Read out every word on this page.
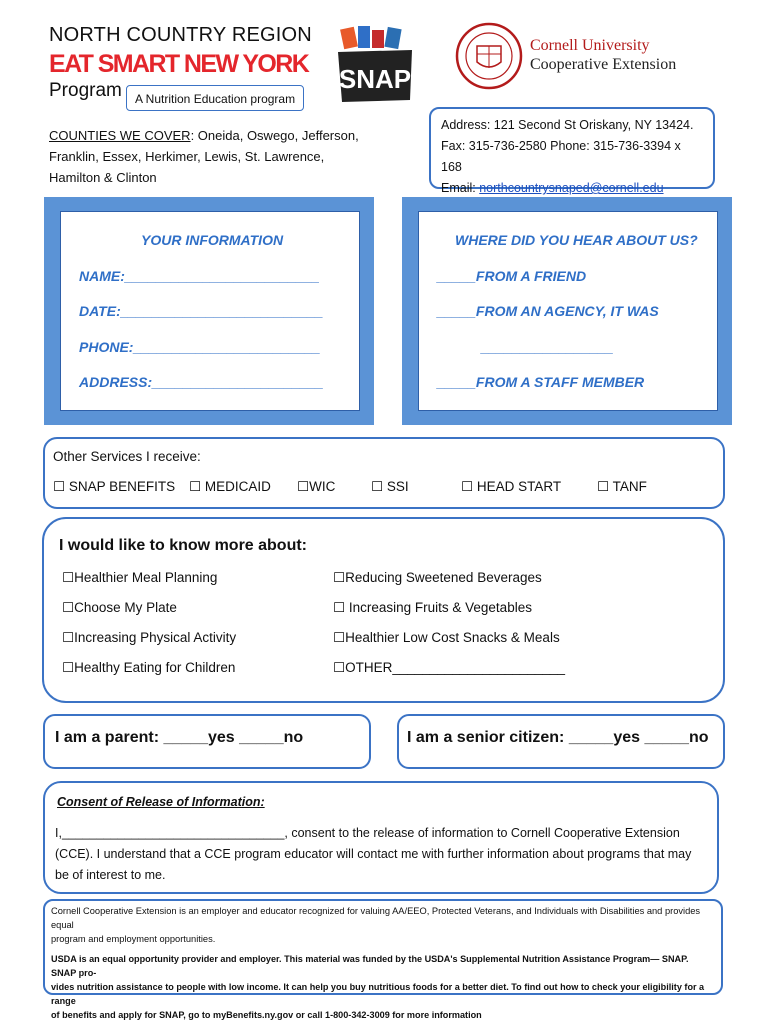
NORTH COUNTRY REGION
EAT SMART NEW YORK
Program	A Nutrition Education program
SNAP
Cornell University
Cooperative Extension
COUNTIES WE COVER: Oneida, Oswego, Jefferson,
Franklin, Essex, Herkimer, Lewis, St. Lawrence,
Hamilton & Clinton
Address: 121 Second St Oriskany, NY 13424.
Fax: 315-736-2580 Phone: 315-736-3394 x 168
Email: northcountrysnaped@cornell.edu
YOUR INFORMATION
NAME:_________________________
DATE:__________________________
PHONE:________________________
ADDRESS:______________________
WHERE DID YOU HEAR ABOUT US?
_____FROM A FRIEND
_____FROM AN AGENCY, IT WAS
_________________
_____FROM A STAFF MEMBER
Other Services I receive:
☐ SNAP BENEFITS ☐ MEDICAID ☐WIC	☐ SSI	☐ HEAD START	☐ TANF
I would like to know more about:
☐Healthier Meal Planning
☐Choose My Plate
☐Increasing Physical Activity
☐Healthy Eating for Children
☐Reducing Sweetened Beverages
☐ Increasing Fruits & Vegetables
☐Healthier Low Cost Snacks & Meals
☐OTHER_______________________
I am a parent: _____yes _____no	I am a senior citizen: _____yes _____no
Consent of Release of Information:
I,________________________________, consent to the release of information to Cornell Cooperative Extension
(CCE). I understand that a CCE program educator will contact me with further information about programs that may
be of interest to me.
Cornell Cooperative Extension is an employer and educator recognized for valuing AA/EEO, Protected Veterans, and Individuals with Disabilities and provides equal
program and employment opportunities.
USDA is an equal opportunity provider and employer. This material was funded by the USDA's Supplemental Nutrition Assistance Program— SNAP. SNAP pro-
vides nutrition assistance to people with low income. It can help you buy nutritious foods for a better diet. To find out how to check your eligibility for a range
of benefits and apply for SNAP, go to myBenefits.ny.gov or call 1-800-342-3009 for more information
